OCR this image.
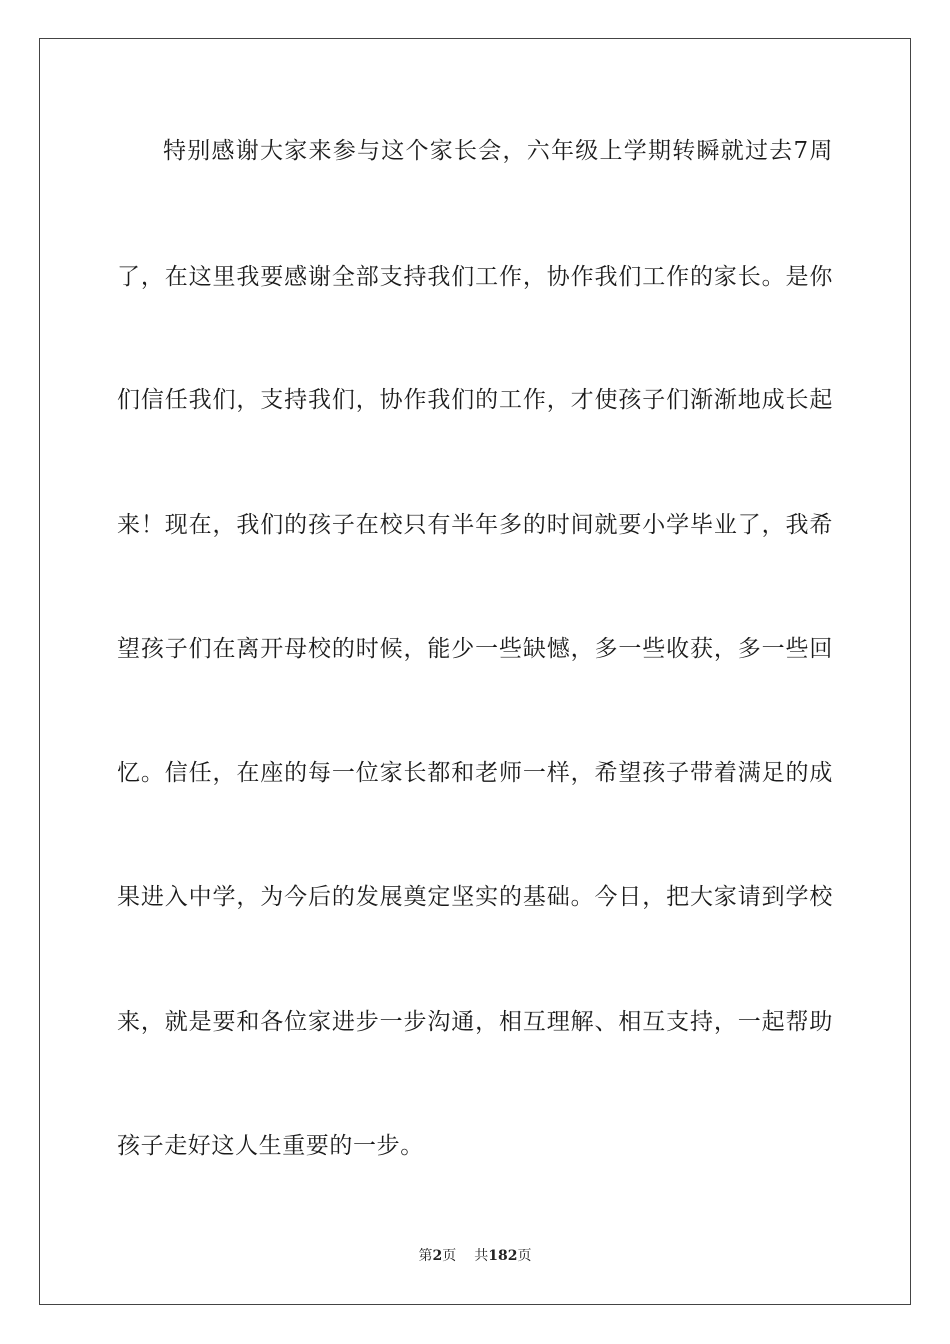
特别感谢大家来参与这个家长会，六年级上学期转瞬就过去7周
了，在这里我要感谢全部支持我们工作，协作我们工作的家长。是你
们信任我们，支持我们，协作我们的工作，才使孩子们渐渐地成长起
来！现在，我们的孩子在校只有半年多的时间就要小学毕业了，我希
望孩子们在离开母校的时候，能少一些缺憾，多一些收获，多一些回
忆。信任，在座的每一位家长都和老师一样，希望孩子带着满足的成
果进入中学，为今后的发展奠定坚实的基础。今日，把大家请到学校
来，就是要和各位家进步一步沟通，相互理解、相互支持，一起帮助
孩子走好这人生重要的一步。
第2页 共182页
